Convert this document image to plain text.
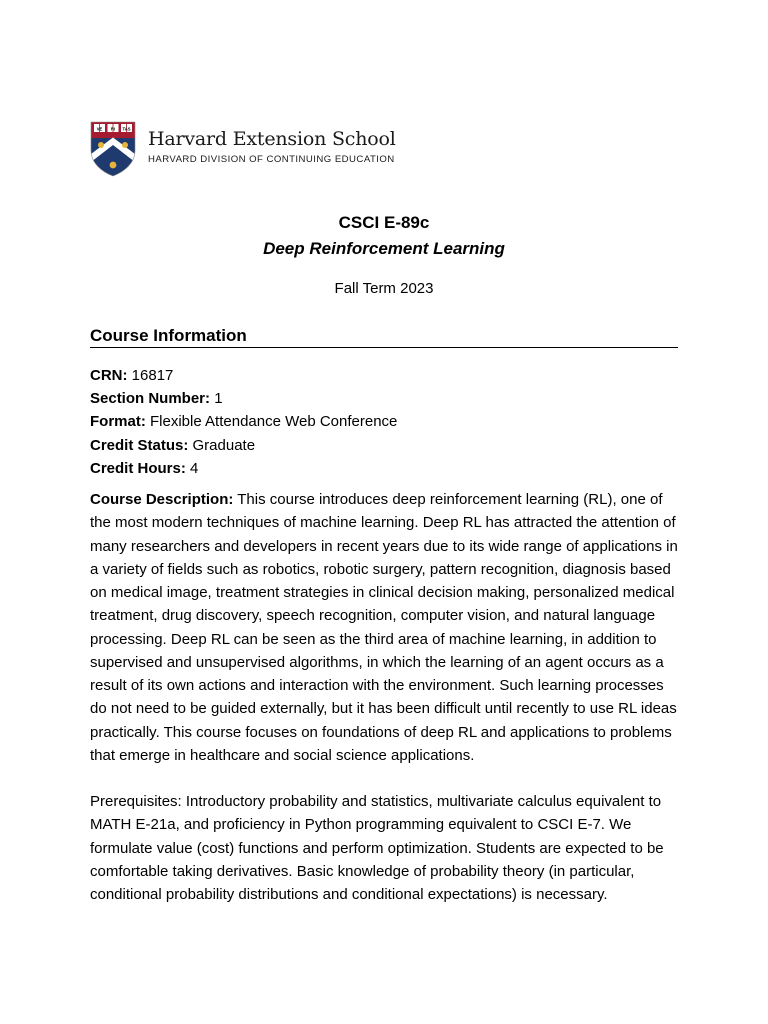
VE RI TAS Harvard Extension School
HARVARD DIVISION OF CONTINUING EDUCATION
CSCI E-89c
Deep Reinforcement Learning
Fall Term 2023
Course Information
CRN: 16817
Section Number: 1
Format: Flexible Attendance Web Conference
Credit Status: Graduate
Credit Hours: 4

Course Description: This course introduces deep reinforcement learning (RL), one of the most modern techniques of machine learning. Deep RL has attracted the attention of many researchers and developers in recent years due to its wide range of applications in a variety of fields such as robotics, robotic surgery, pattern recognition, diagnosis based on medical image, treatment strategies in clinical decision making, personalized medical treatment, drug discovery, speech recognition, computer vision, and natural language processing. Deep RL can be seen as the third area of machine learning, in addition to supervised and unsupervised algorithms, in which the learning of an agent occurs as a result of its own actions and interaction with the environment. Such learning processes do not need to be guided externally, but it has been difficult until recently to use RL ideas practically. This course focuses on foundations of deep RL and applications to problems that emerge in healthcare and social science applications.

Prerequisites: Introductory probability and statistics, multivariate calculus equivalent to MATH E-21a, and proficiency in Python programming equivalent to CSCI E-7. We formulate value (cost) functions and perform optimization. Students are expected to be comfortable taking derivatives. Basic knowledge of probability theory (in particular, conditional probability distributions and conditional expectations) is necessary.
